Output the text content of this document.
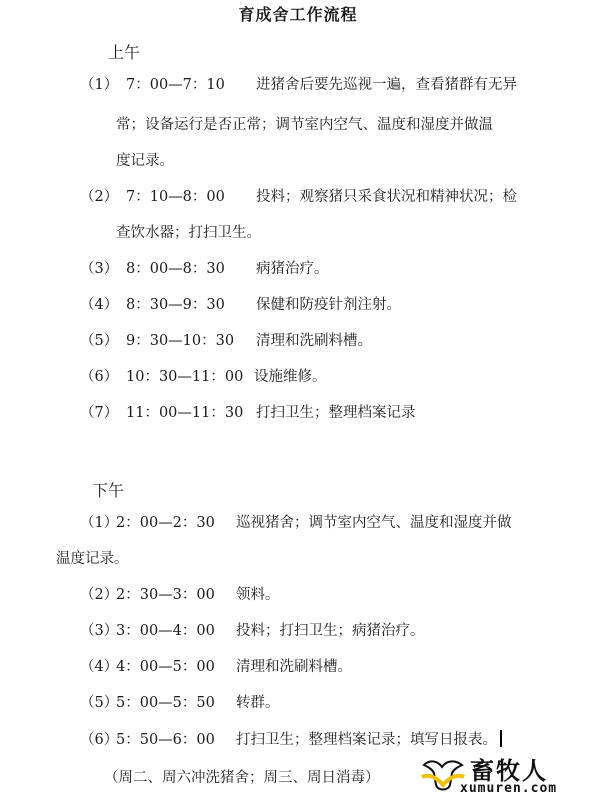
育成舍工作流程
上午
（1） 7：00—7：10 进猪舍后要先巡视一遍，查看猪群有无异
常；设备运行是否正常；调节室内空气、温度和湿度并做温
度记录。
（2） 7：10—8：00 投料；观察猪只采食状况和精神状况；检
查饮水器；打扫卫生。
（3） 8：00—8：30 病猪治疗。
（4） 8：30—9：30 保健和防疫针剂注射。
（5） 9：30—10：30 清理和洗刷料槽。
（6） 10：30—11：00 设施维修。
（7） 11：00—11：30 打扫卫生；整理档案记录
下午
（1）2：00—2：30 巡视猪舍；调节室内空气、温度和湿度并做
温度记录。
（2）2：30—3：00 领料。
（3）3：00—4：00 投料；打扫卫生；病猪治疗。
（4）4：00—5：00 清理和洗刷料槽。
（5）5：00—5：50 转群。
（6）5：50—6：00 打扫卫生；整理档案记录；填写日报表。
（周二、周六冲洗猪舍；周三、周日消毒）	畜牧人
xumuren.com
